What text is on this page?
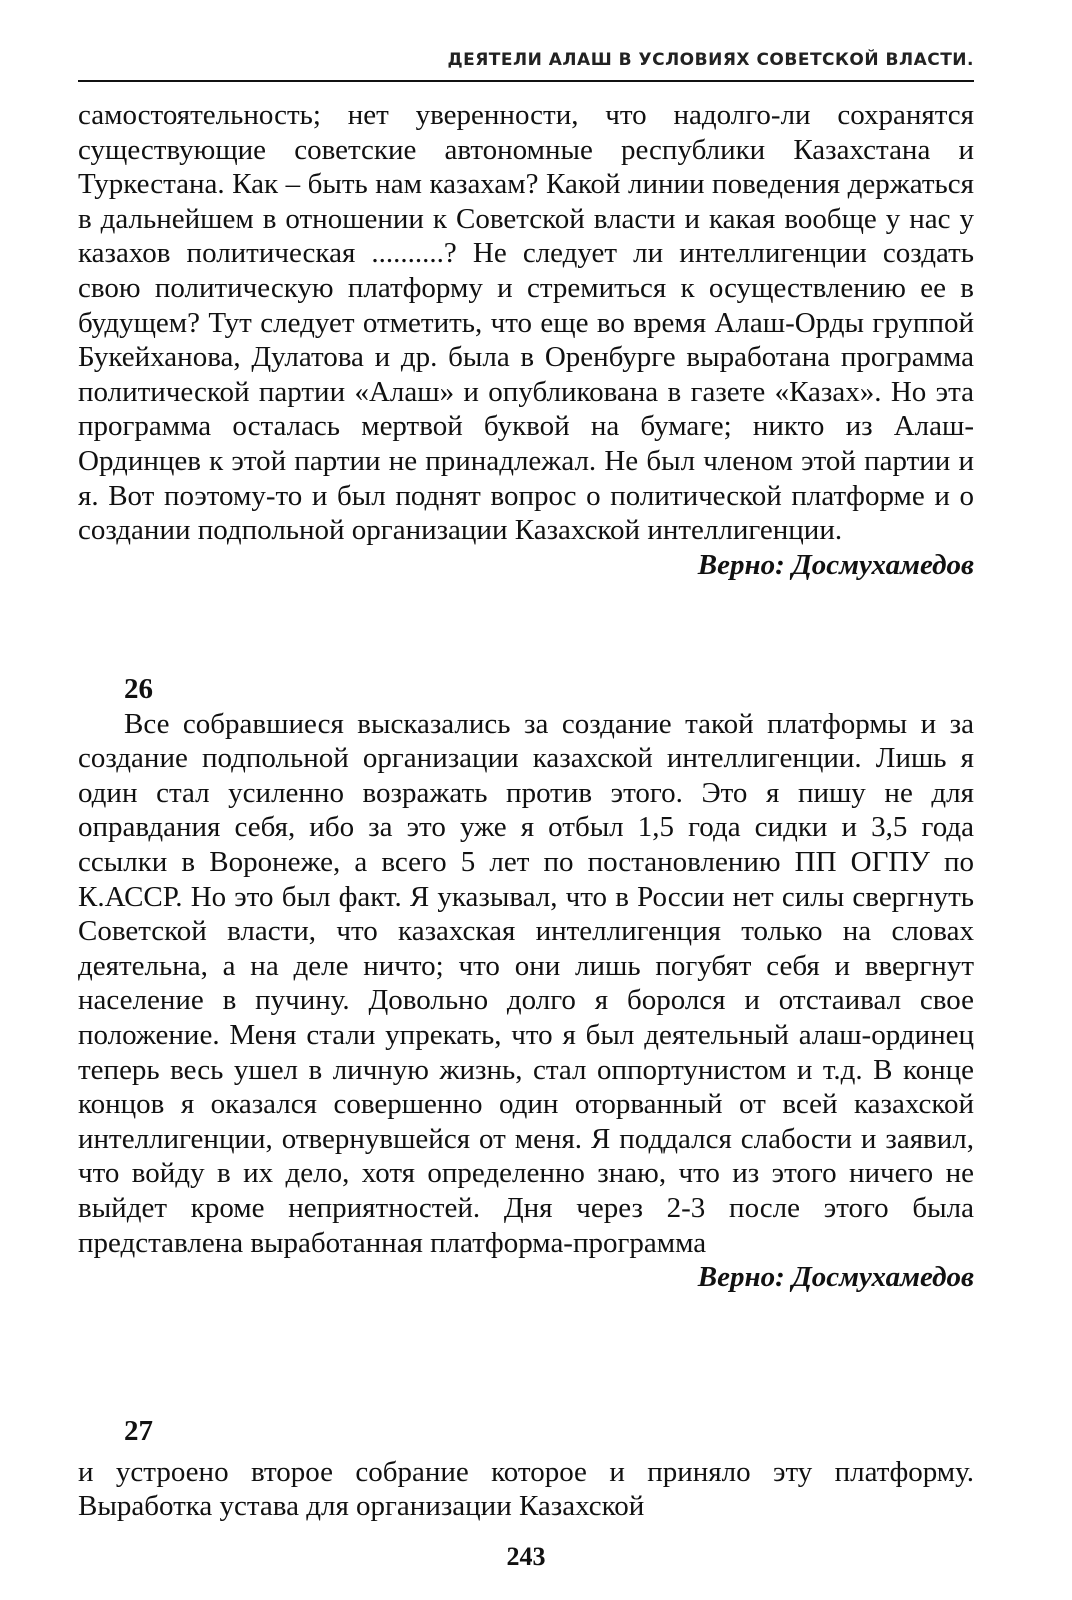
ДЕЯТЕЛИ АЛАШ В УСЛОВИЯХ СОВЕТСКОЙ ВЛАСТИ.

самостоятельность; нет уверенности, что надолго-ли сохранятся существующие советские автономные республики Казахстана и Туркестана. Как – быть нам казахам? Какой линии поведения держаться в дальнейшем в отношении к Советской власти и какая вообще у нас у казахов политическая ..........? Не следует ли интеллигенции создать свою политическую платформу и стремиться к осуществлению ее в будущем? Тут следует отметить, что еще во время Алаш-Орды группой Букейханова, Дулатова и др. была в Оренбурге выработана программа политической партии «Алаш» и опубликована в газете «Казах». Но эта программа осталась мертвой буквой на бумаге; никто из Алаш-Ординцев к этой партии не принадлежал. Не был членом этой партии и я. Вот поэтому-то и был поднят вопрос о политической платформе и о создании подпольной организации Казахской интеллигенции.

Верно: Досмухамедов
26

Все собравшиеся высказались за создание такой платформы и за создание подпольной организации казахской интеллигенции. Лишь я один стал усиленно возражать против этого. Это я пишу не для оправдания себя, ибо за это уже я отбыл 1,5 года сидки и 3,5 года ссылки в Воронеже, а всего 5 лет по постановлению ПП ОГПУ по К.АССР. Но это был факт. Я указывал, что в России нет силы свергнуть Советской власти, что казахская интеллигенция только на словах деятельна, а на деле ничто; что они лишь погубят себя и ввергнут население в пучину. Довольно долго я боролся и отстаивал свое положение. Меня стали упрекать, что я был деятельный алаш-ординец теперь весь ушел в личную жизнь, стал оппортунистом и т.д. В конце концов я оказался совершенно один оторванный от всей казахской интеллигенции, отвернувшейся от меня. Я поддался слабости и заявил, что войду в их дело, хотя определенно знаю, что из этого ничего не выйдет кроме неприятностей. Дня через 2-3 после этого была представлена выработанная платформа-программа

Верно: Досмухамедов
27

и устроено второе собрание которое и приняло эту платформу. Выработка устава для организации Казахской

243
